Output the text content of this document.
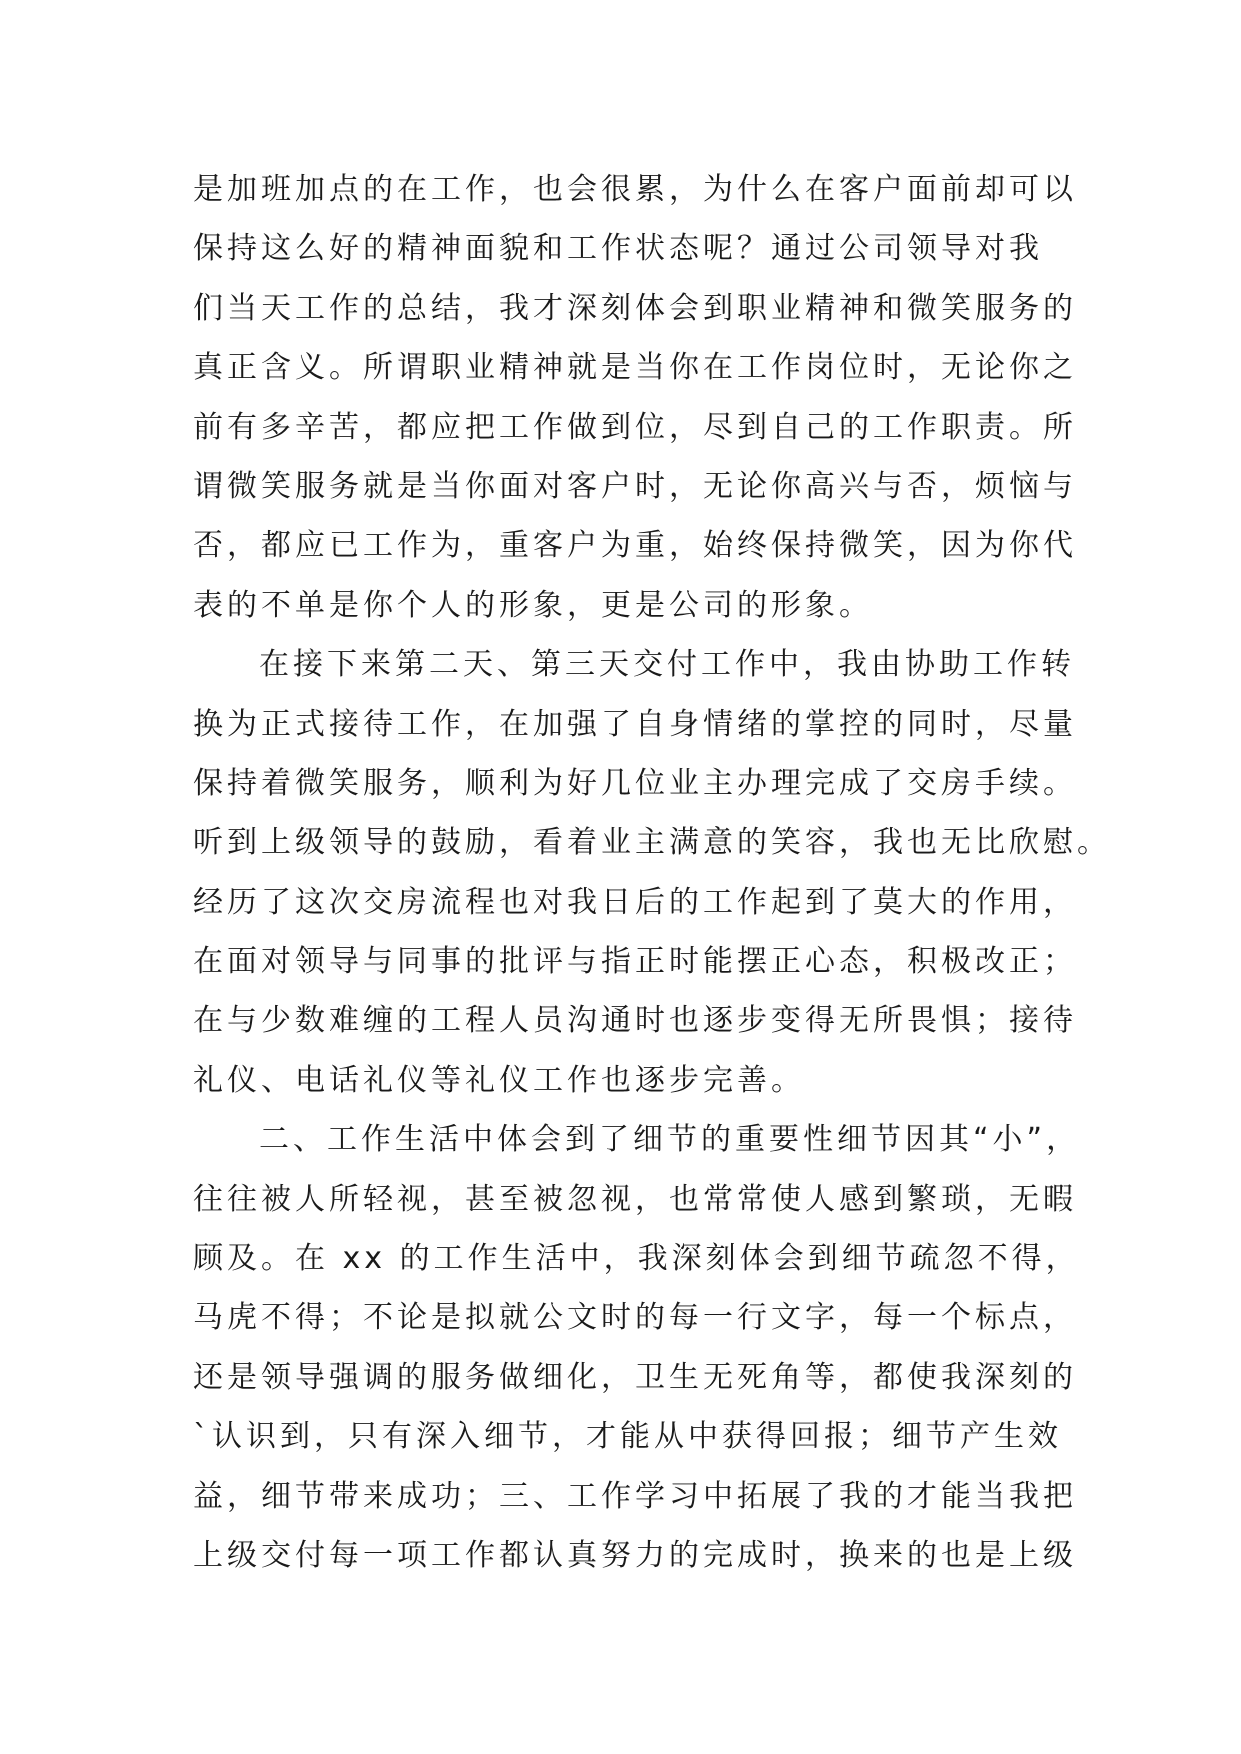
是加班加点的在工作，也会很累，为什么在客户面前却可以
保持这么好的精神面貌和工作状态呢？通过公司领导对我
们当天工作的总结，我才深刻体会到职业精神和微笑服务的
真正含义。所谓职业精神就是当你在工作岗位时，无论你之
前有多辛苦，都应把工作做到位，尽到自己的工作职责。所
谓微笑服务就是当你面对客户时，无论你高兴与否，烦恼与
否，都应已工作为，重客户为重，始终保持微笑，因为你代
表的不单是你个人的形象，更是公司的形象。
在接下来第二天、第三天交付工作中，我由协助工作转
换为正式接待工作，在加强了自身情绪的掌控的同时，尽量
保持着微笑服务，顺利为好几位业主办理完成了交房手续。
听到上级领导的鼓励，看着业主满意的笑容，我也无比欣慰。
经历了这次交房流程也对我日后的工作起到了莫大的作用，
在面对领导与同事的批评与指正时能摆正心态，积极改正；
在与少数难缠的工程人员沟通时也逐步变得无所畏惧；接待
礼仪、电话礼仪等礼仪工作也逐步完善。
二、工作生活中体会到了细节的重要性细节因其“小”，
往往被人所轻视，甚至被忽视，也常常使人感到繁琐，无暇
顾及。在 xx 的工作生活中，我深刻体会到细节疏忽不得，
马虎不得；不论是拟就公文时的每一行文字，每一个标点，
还是领导强调的服务做细化，卫生无死角等，都使我深刻的
`认识到，只有深入细节，才能从中获得回报；细节产生效
益，细节带来成功；三、工作学习中拓展了我的才能当我把
上级交付每一项工作都认真努力的完成时，换来的也是上级
